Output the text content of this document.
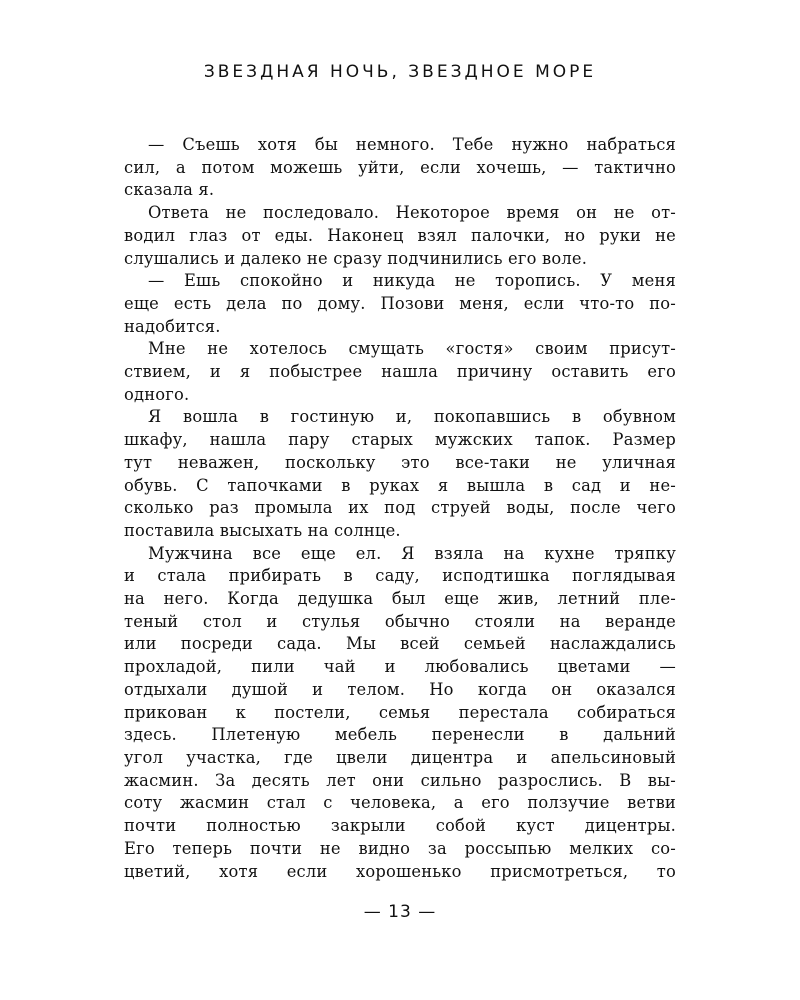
ЗВЕЗДНАЯ НОЧЬ, ЗВЕЗДНОЕ МОРЕ
— Съешь хотя бы немного. Тебе нужно набраться
сил, а потом можешь уйти, если хочешь, — тактично
сказала я.
Ответа не последовало. Некоторое время он не от-
водил глаз от еды. Наконец взял палочки, но руки не
слушались и далеко не сразу подчинились его воле.
— Ешь спокойно и никуда не торопись. У меня
еще есть дела по дому. Позови меня, если что-то по-
надобится.
Мне не хотелось смущать «гостя» своим присут-
ствием, и я побыстрее нашла причину оставить его
одного.
Я вошла в гостиную и, покопавшись в обувном
шкафу, нашла пару старых мужских тапок. Размер
тут неважен, поскольку это все-таки не уличная
обувь. С тапочками в руках я вышла в сад и не-
сколько раз промыла их под струей воды, после чего
поставила высыхать на солнце.
Мужчина все еще ел. Я взяла на кухне тряпку
и стала прибирать в саду, исподтишка поглядывая
на него. Когда дедушка был еще жив, летний пле-
теный стол и стулья обычно стояли на веранде
или посреди сада. Мы всей семьей наслаждались
прохладой, пили чай и любовались цветами —
отдыхали душой и телом. Но когда он оказался
прикован к постели, семья перестала собираться
здесь. Плетеную мебель перенесли в дальний
угол участка, где цвели дицентра и апельсиновый
жасмин. За десять лет они сильно разрослись. В вы-
соту жасмин стал с человека, а его ползучие ветви
почти полностью закрыли собой куст дицентры.
Его теперь почти не видно за россыпью мелких со-
цветий, хотя если хорошенько присмотреться, то
— 13 —
